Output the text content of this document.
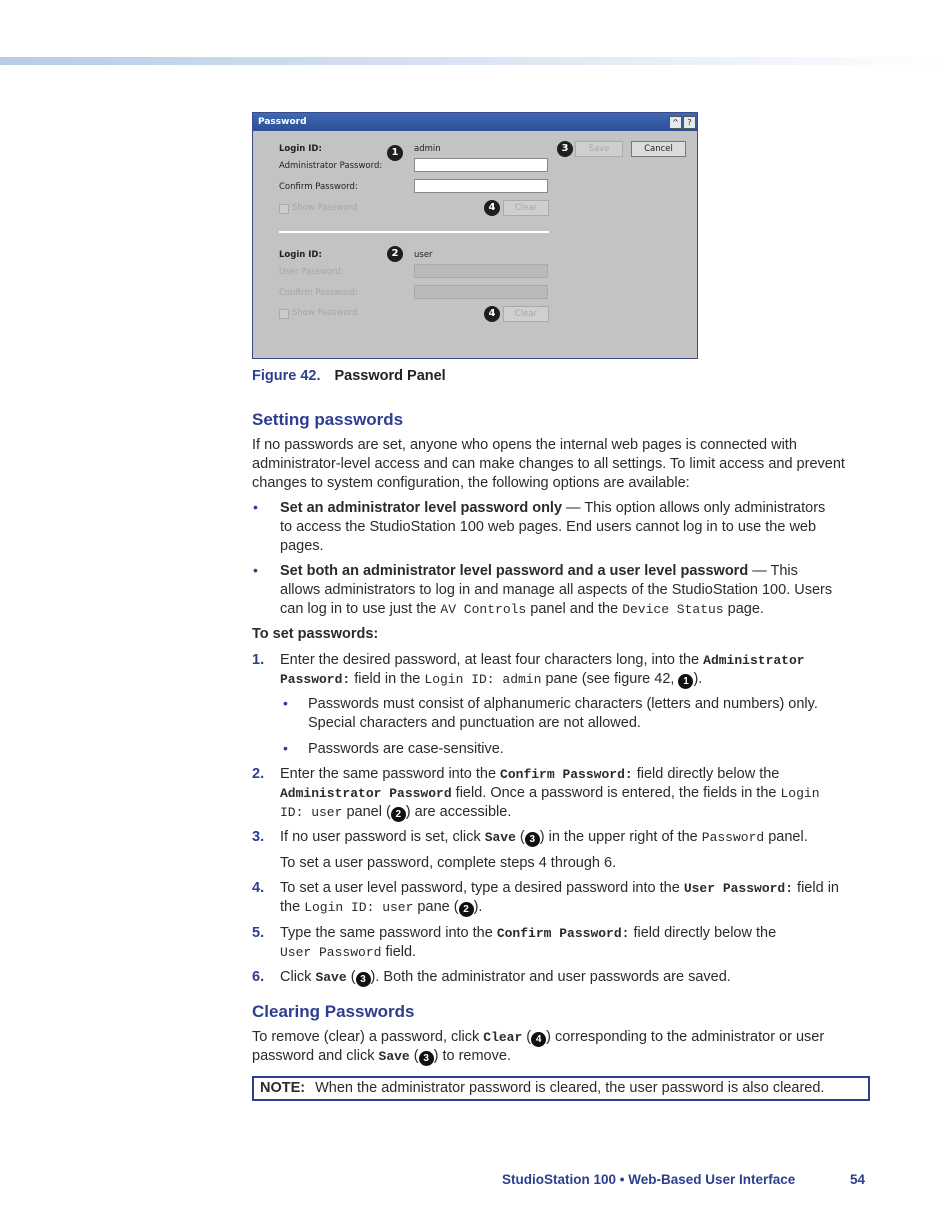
Password	^	?
Login ID:	1	admin
Administrator Password:
Confirm Password:
Show Password	4	Clear
3	Save	Cancel
Login ID:	2	user
User Password:
Confirm Password:
Show Password	4	Clear
Figure 42. Password Panel
Setting passwords
If no passwords are set, anyone who opens the internal web pages is connected with
administrator-level access and can make changes to all settings. To limit access and prevent
changes to system configuration, the following options are available:
• Set an administrator level password only — This option allows only administrators
to access the StudioStation 100 web pages. End users cannot log in to use the web
pages.
• Set both an administrator level password and a user level password — This
allows administrators to log in and manage all aspects of the StudioStation 100. Users
can log in to use just the AV Controls panel and the Device Status page.
To set passwords:
1. Enter the desired password, at least four characters long, into the Administrator
Password: field in the Login ID: admin pane (see figure 42, 1 ).
• Passwords must consist of alphanumeric characters (letters and numbers) only.
Special characters and punctuation are not allowed.
• Passwords are case-sensitive.
2. Enter the same password into the Confirm Password: field directly below the
Administrator Password field. Once a password is entered, the fields in the Login
ID: user panel ( 2 ) are accessible.
3. If no user password is set, click Save ( 3 ) in the upper right of the Password panel.
To set a user password, complete steps 4 through 6.
4. To set a user level password, type a desired password into the User Password: field in
the Login ID: user pane ( 2 ).
5. Type the same password into the Confirm Password: field directly below the
User Password field.
6. Click Save ( 3 ). Both the administrator and user passwords are saved.
Clearing Passwords
To remove (clear) a password, click Clear ( 4 ) corresponding to the administrator or user
password and click Save ( 3 ) to remove.
NOTE: When the administrator password is cleared, the user password is also cleared.
StudioStation 100 • Web-Based User Interface	54
